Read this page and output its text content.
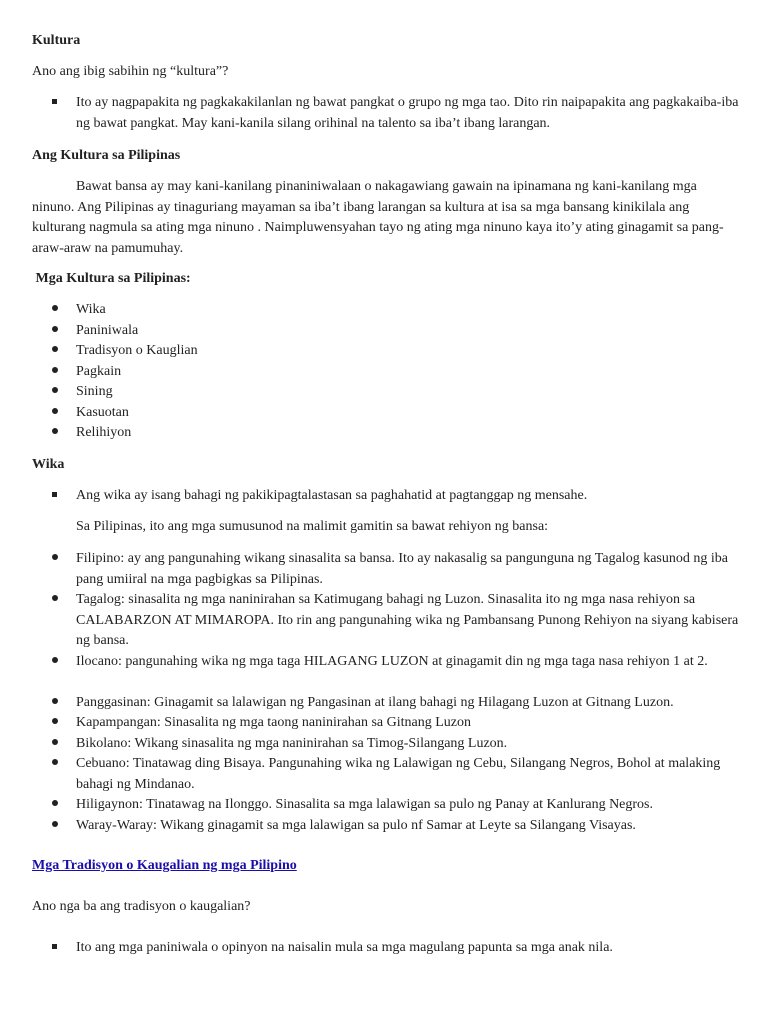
Kultura
Ano ang ibig sabihin ng “kultura”?
Ito ay nagpapakita ng pagkakakilanlan ng bawat pangkat o grupo ng mga tao. Dito rin naipapakita ang pagkakaiba-iba ng bawat pangkat. May kani-kanila silang orihinal na talento sa iba’t ibang larangan.
Ang Kultura sa Pilipinas
Bawat bansa ay may kani-kanilang pinaniniwalaan o nakagawiang gawain na ipinamana ng kani-kanilang mga ninuno. Ang Pilipinas ay tinaguriang mayaman sa iba’t ibang larangan sa kultura at isa sa mga bansang kinikilala ang kulturang nagmula sa ating mga ninuno . Naimpluwensyahan tayo ng ating mga ninuno kaya ito’y ating ginagamit sa pang-araw-araw na pamumuhay.
Mga Kultura sa Pilipinas:
Wika
Paniniwala
Tradisyon o Kauglian
Pagkain
Sining
Kasuotan
Relihiyon
Wika
Ang wika ay isang bahagi ng pakikipagtalastasan sa paghahatid at pagtanggap ng mensahe.
Sa Pilipinas, ito ang mga sumusunod na malimit gamitin sa bawat rehiyon ng bansa:
Filipino: ay ang pangunahing wikang sinasalita sa bansa. Ito ay nakasalig sa pangunguna ng Tagalog kasunod ng iba pang umiiral na mga pagbigkas sa Pilipinas.
Tagalog: sinasalita ng mga naninirahan sa Katimugang bahagi ng Luzon. Sinasalita ito ng mga nasa rehiyon sa CALABARZON AT MIMAROPA. Ito rin ang pangunahing wika ng Pambansang Punong Rehiyon na siyang kabisera ng bansa.
Ilocano: pangunahing wika ng mga taga HILAGANG LUZON at ginagamit din ng mga taga nasa rehiyon 1 at 2.
Panggasinan: Ginagamit sa lalawigan ng Pangasinan at ilang bahagi ng Hilagang Luzon at Gitnang Luzon.
Kapampangan: Sinasalita ng mga taong naninirahan sa Gitnang Luzon
Bikolano: Wikang sinasalita ng mga naninirahan sa Timog-Silangang Luzon.
Cebuano: Tinatawag ding Bisaya. Pangunahing wika ng Lalawigan ng Cebu, Silangang Negros, Bohol at malaking bahagi ng Mindanao.
Hiligaynon: Tinatawag na Ilonggo. Sinasalita sa mga lalawigan sa pulo ng Panay at Kanlurang Negros.
Waray-Waray: Wikang ginagamit sa mga lalawigan sa pulo nf Samar at Leyte sa Silangang Visayas.
Mga Tradisyon o Kaugalian ng mga Pilipino
Ano nga ba ang tradisyon o kaugalian?
Ito ang mga paniniwala o opinyon na naisalin mula sa mga magulang papunta sa mga anak nila.
